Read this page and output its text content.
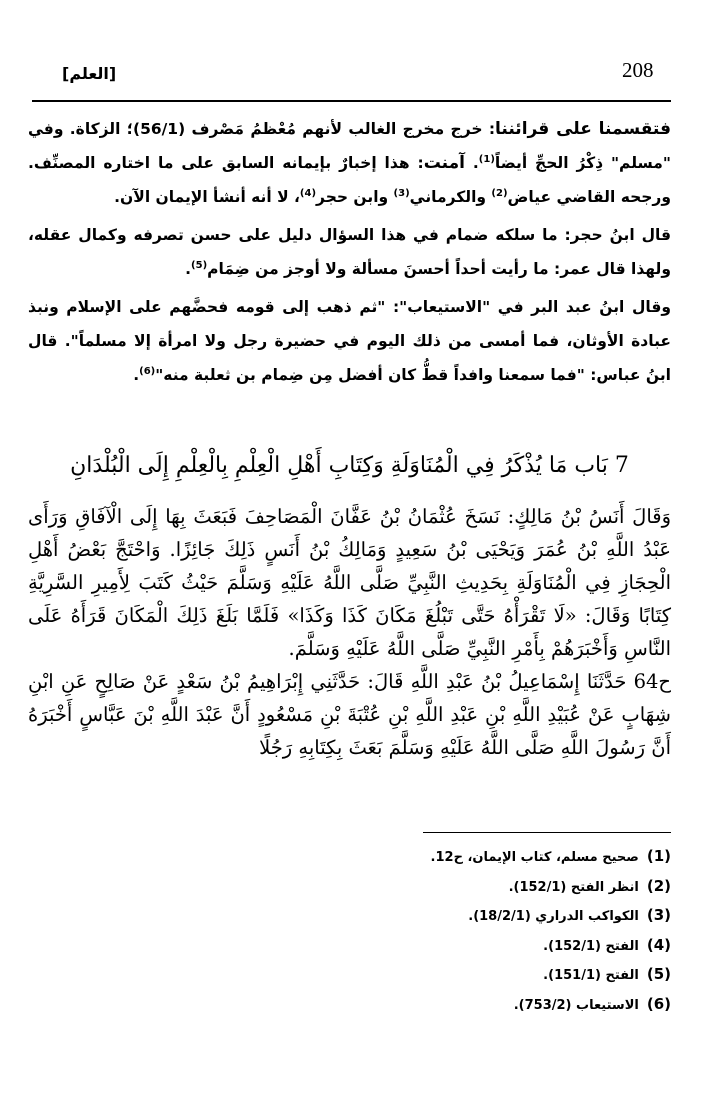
208
[العلم]

فتقسمنا على قرائننا: خرج مخرج الغالب لأنهم مُعْظمُ مَصْرف (56/1)؛ الزكاة. وفي "مسلم" ذِكْرُ الحجِّ أيضاً$^{(1)}$. آمنت: هذا إخبارٌ بإيمانه السابق على ما اختاره المصنِّف. ورجحه القاضي عياض$^{(2)}$ والكرماني$^{(3)}$ وابن حجر$^{(4)}$، لا أنه أنشأ الإيمان الآن.

قال ابنُ حجر: ما سلكه ضمام في هذا السؤال دليل على حسن تصرفه وكمال عقله، ولهذا قال عمر: ما رأيت أحداً أحسنَ مسألة ولا أوجز من ضِمَام$^{(5)}$.

وقال ابنُ عبد البر في "الاستيعاب": "ثم ذهب إلى قومه فحضَّهم على الإسلام ونبذ عبادة الأوثان، فما أمسى من ذلك اليوم في حضيرة رجل ولا امرأة إلا مسلماً". قال ابنُ عباس: "فما سمعنا وافداً قطُّ كان أفضل مِن ضِمام بن ثعلبة منه"$^{(6)}$.

7 بَاب مَا يُذْكَرُ فِي الْمُنَاوَلَةِ وَكِتَابِ أَهْلِ الْعِلْمِ بِالْعِلْمِ إِلَى الْبُلْدَانِ

وَقَالَ أَنَسُ بْنُ مَالِكٍ: نَسَخَ عُثْمَانُ بْنُ عَفَّانَ الْمَصَاحِفَ فَبَعَثَ بِهَا إِلَى الْآفَاقِ وَرَأَى عَبْدُ اللَّهِ بْنُ عُمَرَ وَيَحْيَى بْنُ سَعِيدٍ وَمَالِكُ بْنُ أَنَسٍ ذَلِكَ جَائِزًا. وَاحْتَجَّ بَعْضُ أَهْلِ الْحِجَازِ فِي الْمُنَاوَلَةِ بِحَدِيثِ النَّبِيِّ صَلَّى اللَّهُ عَلَيْهِ وَسَلَّمَ حَيْثُ كَتَبَ لِأَمِيرِ السَّرِيَّةِ كِتَابًا وَقَالَ: «لَا تَقْرَأْهُ حَتَّى تَبْلُغَ مَكَانَ كَذَا وَكَذَا» فَلَمَّا بَلَغَ ذَلِكَ الْمَكَانَ قَرَأَهُ عَلَى النَّاسِ وَأَخْبَرَهُمْ بِأَمْرِ النَّبِيِّ صَلَّى اللَّهُ عَلَيْهِ وَسَلَّمَ.

ح64 حَدَّثَنَا إِسْمَاعِيلُ بْنُ عَبْدِ اللَّهِ قَالَ: حَدَّثَنِي إِبْرَاهِيمُ بْنُ سَعْدٍ عَنْ صَالِحٍ عَنِ ابْنِ شِهَابٍ عَنْ عُبَيْدِ اللَّهِ بْنِ عَبْدِ اللَّهِ بْنِ عُتْبَةَ بْنِ مَسْعُودٍ أَنَّ عَبْدَ اللَّهِ بْنَ عَبَّاسٍ أَخْبَرَهُ أَنَّ رَسُولَ اللَّهِ صَلَّى اللَّهُ عَلَيْهِ وَسَلَّمَ بَعَثَ بِكِتَابِهِ رَجُلًا

(1)صحيح مسلم، كتاب الإيمان، ح12.
(2)انظر الفتح (152/1).
(3)الكواكب الدراري (18/2/1).
(4)الفتح (152/1).
(5)الفتح (151/1).
(6)الاستيعاب (753/2).
